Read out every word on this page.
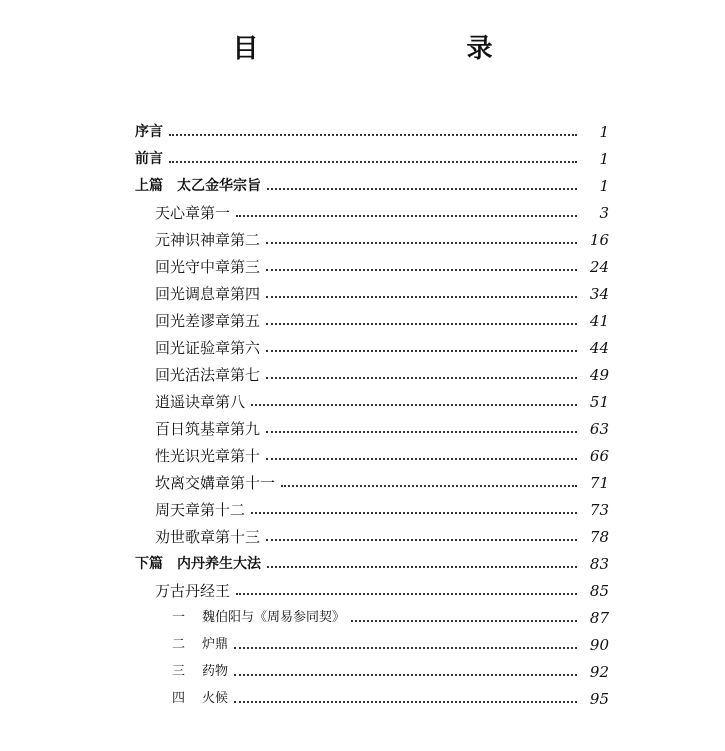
目　　录
序言	1
前言	1
上篇　太乙金华宗旨	1
天心章第一	3
元神识神章第二	16
回光守中章第三	24
回光调息章第四	34
回光差谬章第五	41
回光证验章第六	44
回光活法章第七	49
逍遥诀章第八	51
百日筑基章第九	63
性光识光章第十	66
坎离交媾章第十一	71
周天章第十二	73
劝世歌章第十三	78
下篇　内丹养生大法	83
万古丹经王	85
一 魏伯阳与《周易参同契》	87
二 炉鼎	90
三 药物	92
四 火候	95
